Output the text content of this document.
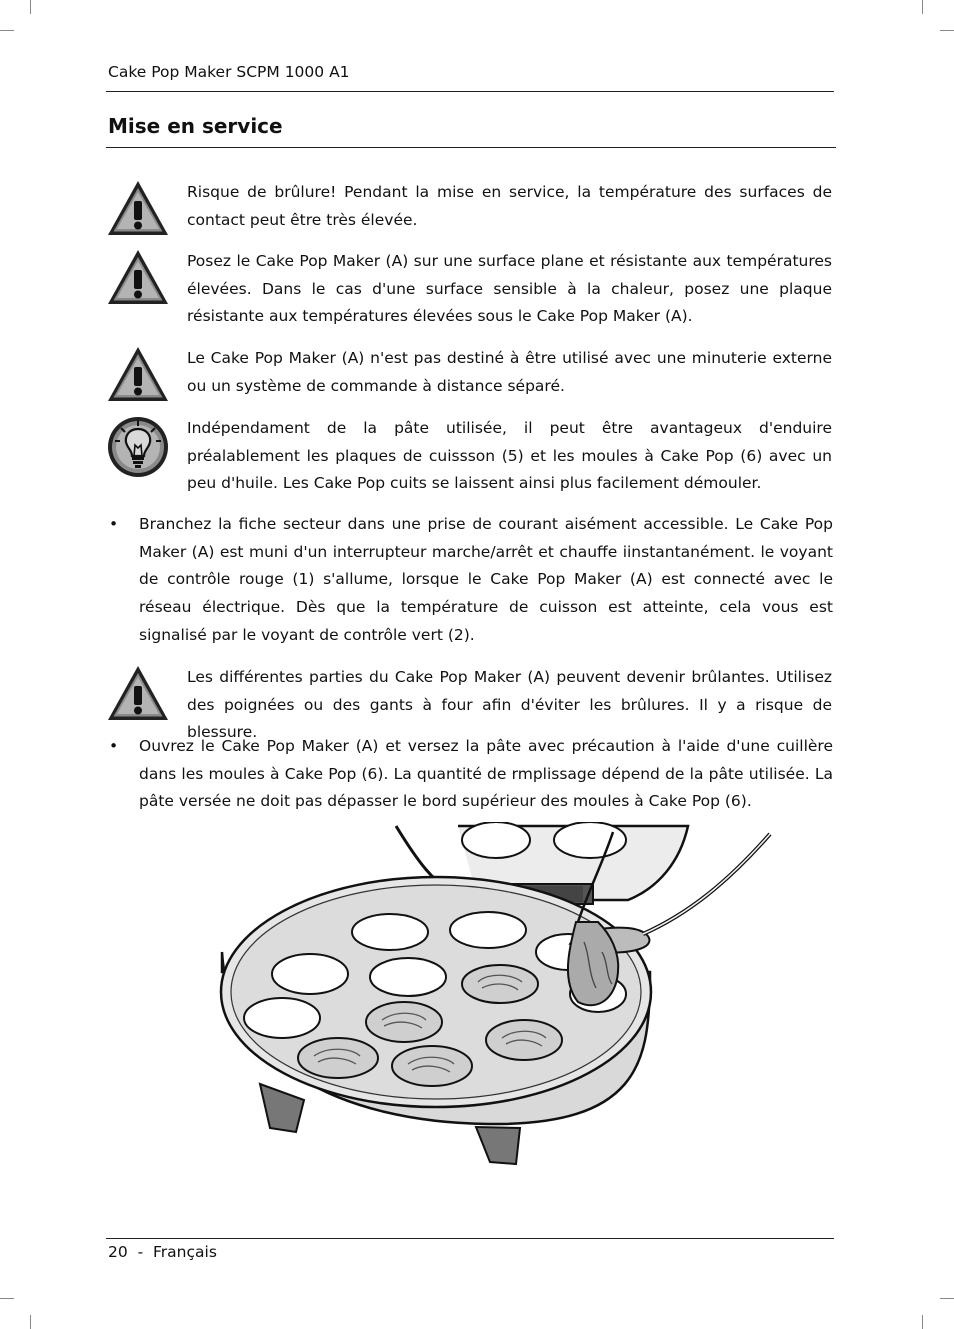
Cake Pop Maker SCPM 1000 A1
Mise en service

Risque de brûlure! Pendant la mise en service, la température des surfaces de contact peut être très élevée.

Posez le Cake Pop Maker (A) sur une surface plane et résistante aux températures élevées. Dans le cas d'une surface sensible à la chaleur, posez une plaque résistante aux températures élevées sous le Cake Pop Maker (A).

Le Cake Pop Maker (A) n'est pas destiné à être utilisé avec une minuterie externe ou un système de commande à distance séparé.

Indépendament de la pâte utilisée, il peut être avantageux d'enduire préalablement les plaques de cuissson (5) et les moules à Cake Pop (6) avec un peu d'huile. Les Cake Pop cuits se laissent ainsi plus facilement démouler.

• Branchez la fiche secteur dans une prise de courant aisément accessible. Le Cake Pop Maker (A) est muni d'un interrupteur marche/arrêt et chauffe iinstantanément. le voyant de contrôle rouge (1) s'allume, lorsque le Cake Pop Maker (A) est connecté avec le réseau électrique. Dès que la température de cuisson est atteinte, cela vous est signalisé par le voyant de contrôle vert (2).

Les différentes parties du Cake Pop Maker (A) peuvent devenir brûlantes. Utilisez des poignées ou des gants à four afin d'éviter les brûlures. Il y a risque de blessure.

• Ouvrez le Cake Pop Maker (A) et versez la pâte avec précaution à l'aide d'une cuillère dans les moules à Cake Pop (6). La quantité de rmplissage dépend de la pâte utilisée. La pâte versée ne doit pas dépasser le bord supérieur des moules à Cake Pop (6).

20  -  Français
